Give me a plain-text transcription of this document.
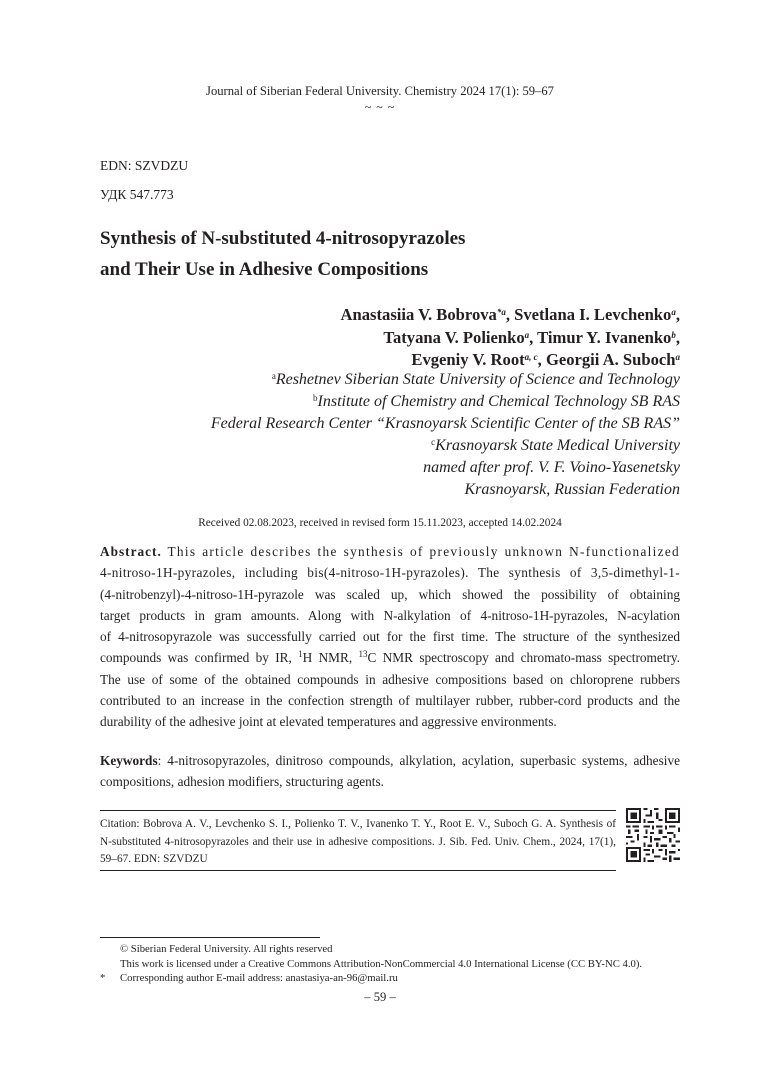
Journal of Siberian Federal University. Chemistry 2024 17(1): 59–67
~ ~ ~
EDN: SZVDZU
УДК 547.773
Synthesis of N-substituted 4-nitrosopyrazoles
and Their Use in Adhesive Compositions
Anastasiia V. Bobrova$^{*a}$, Svetlana I. Levchenko$^a$,
Tatyana V. Polienko$^a$, Timur Y. Ivanenko$^b$,
Evgeniy V. Root$^{a, c}$, Georgii A. Suboch$^a$
$^a$Reshetnev Siberian State University of Science and Technology
$^b$Institute of Chemistry and Chemical Technology SB RAS
Federal Research Center “Krasnoyarsk Scientific Center of the SB RAS”
$^c$Krasnoyarsk State Medical University
named after prof. V. F. Voino-Yasenetsky
Krasnoyarsk, Russian Federation
Received 02.08.2023, received in revised form 15.11.2023, accepted 14.02.2024
Abstract. This article describes the synthesis of previously unknown N-functionalized
4-nitroso-1H-pyrazoles, including bis(4-nitroso-1H-pyrazoles). The synthesis of 3,5-dimethyl-1-
(4-nitrobenzyl)-4-nitroso-1H-pyrazole was scaled up, which showed the possibility of obtaining
target products in gram amounts. Along with N-alkylation of 4-nitroso-1H-pyrazoles, N-acylation
of 4-nitrosopyrazole was successfully carried out for the first time. The structure of the synthesized
compounds was confirmed by IR, $^1$H NMR, $^{13}$C NMR spectroscopy and chromato-mass spectrometry.
The use of some of the obtained compounds in adhesive compositions based on chloroprene rubbers
contributed to an increase in the confection strength of multilayer rubber, rubber-cord products and the
durability of the adhesive joint at elevated temperatures and aggressive environments.
Keywords: 4-nitrosopyrazoles, dinitroso compounds, alkylation, acylation, superbasic systems, adhesive
compositions, adhesion modifiers, structuring agents.
Citation: Bobrova A. V., Levchenko S. I., Polienko T. V., Ivanenko T. Y., Root E. V., Suboch G. A. Synthesis of
N-substituted 4-nitrosopyrazoles and their use in adhesive compositions. J. Sib. Fed. Univ. Chem., 2024, 17(1),
59–67. EDN: SZVDZU
© Siberian Federal University. All rights reserved
This work is licensed under a Creative Commons Attribution-NonCommercial 4.0 International License (CC BY-NC 4.0).
* Corresponding author E-mail address: anastasiya-an-96@mail.ru
– 59 –
